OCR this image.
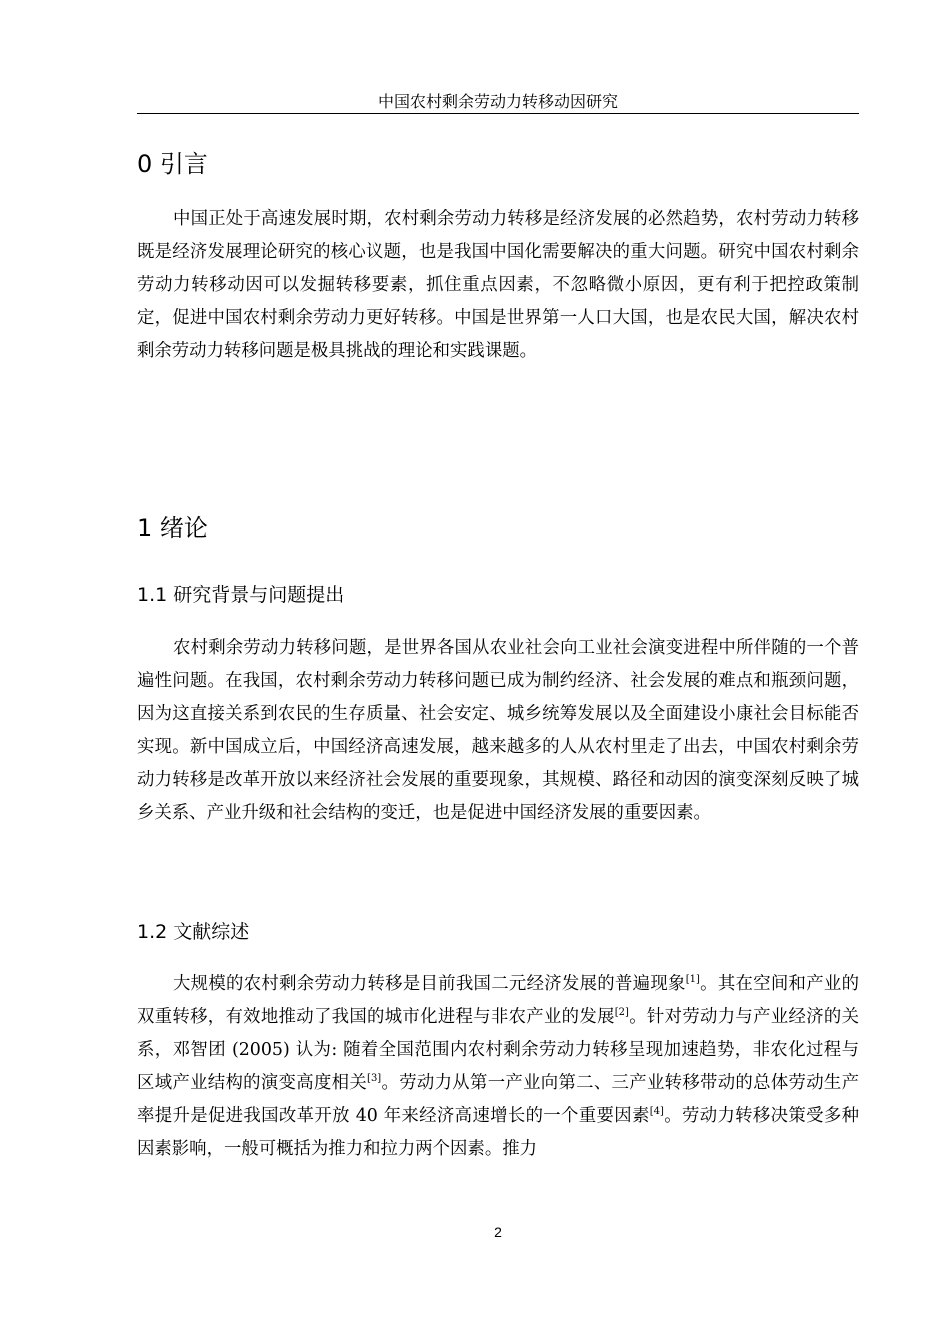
中国农村剩余劳动力转移动因研究
0 引言

中国正处于高速发展时期，农村剩余劳动力转移是经济发展的必然趋势，农村劳动力转移既是经济发展理论研究的核心议题，也是我国中国化需要解决的重大问题。研究中国农村剩余劳动力转移动因可以发掘转移要素，抓住重点因素，不忽略微小原因，更有利于把控政策制定，促进中国农村剩余劳动力更好转移。中国是世界第一人口大国，也是农民大国，解决农村剩余劳动力转移问题是极具挑战的理论和实践课题。

1 绪论
1.1 研究背景与问题提出

农村剩余劳动力转移问题，是世界各国从农业社会向工业社会演变进程中所伴随的一个普遍性问题。在我国，农村剩余劳动力转移问题已成为制约经济、社会发展的难点和瓶颈问题，因为这直接关系到农民的生存质量、社会安定、城乡统筹发展以及全面建设小康社会目标能否实现。新中国成立后，中国经济高速发展，越来越多的人从农村里走了出去，中国农村剩余劳动力转移是改革开放以来经济社会发展的重要现象，其规模、路径和动因的演变深刻反映了城乡关系、产业升级和社会结构的变迁，也是促进中国经济发展的重要因素。

1.2 文献综述

大规模的农村剩余劳动力转移是目前我国二元经济发展的普遍现象[1]。其在空间和产业的双重转移，有效地推动了我国的城市化进程与非农产业的发展[2]。针对劳动力与产业经济的关系，邓智团 (2005) 认为: 随着全国范围内农村剩余劳动力转移呈现加速趋势，非农化过程与区域产业结构的演变高度相关[3]。劳动力从第一产业向第二、三产业转移带动的总体劳动生产率提升是促进我国改革开放 40 年来经济高速增长的一个重要因素[4]。劳动力转移决策受多种因素影响，一般可概括为推力和拉力两个因素。推力

2
